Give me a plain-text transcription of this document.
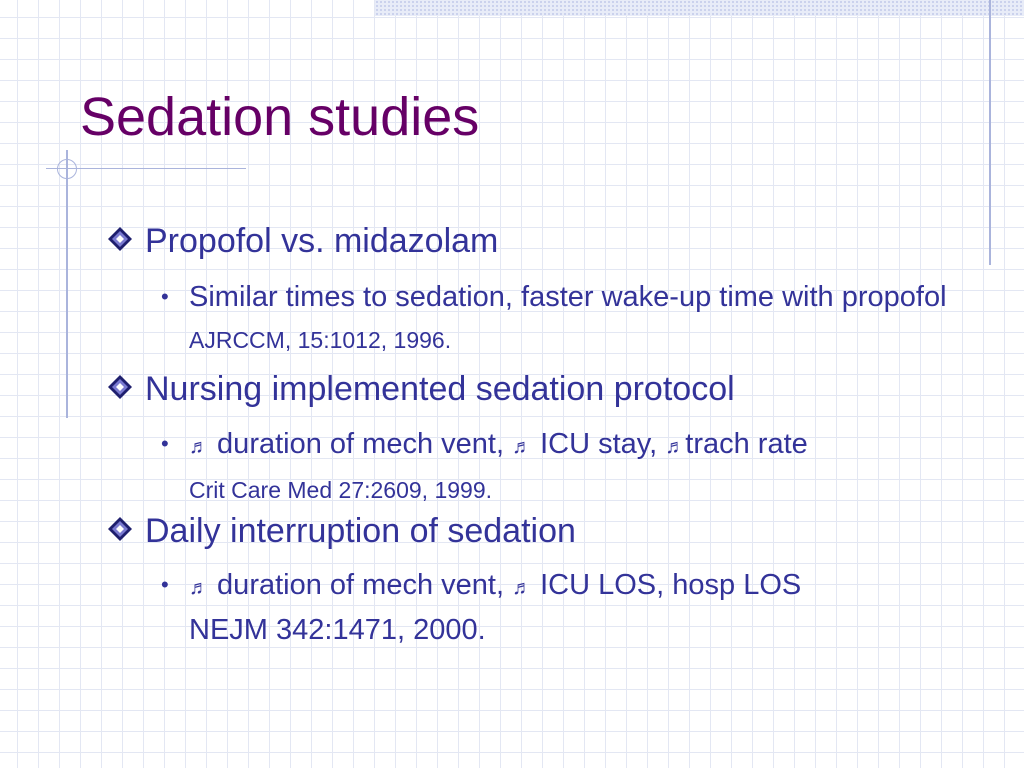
Sedation studies
Propofol vs. midazolam
• Similar times to sedation, faster wake-up time with propofol AJRCCM, 15:1012, 1996.
Nursing implemented sedation protocol
• ♬ duration of mech vent, ♬ ICU stay, ♬trach rate
Crit Care Med 27:2609, 1999.
Daily interruption of sedation
• ♬ duration of mech vent, ♬ ICU LOS, hosp LOS
NEJM 342:1471, 2000.
